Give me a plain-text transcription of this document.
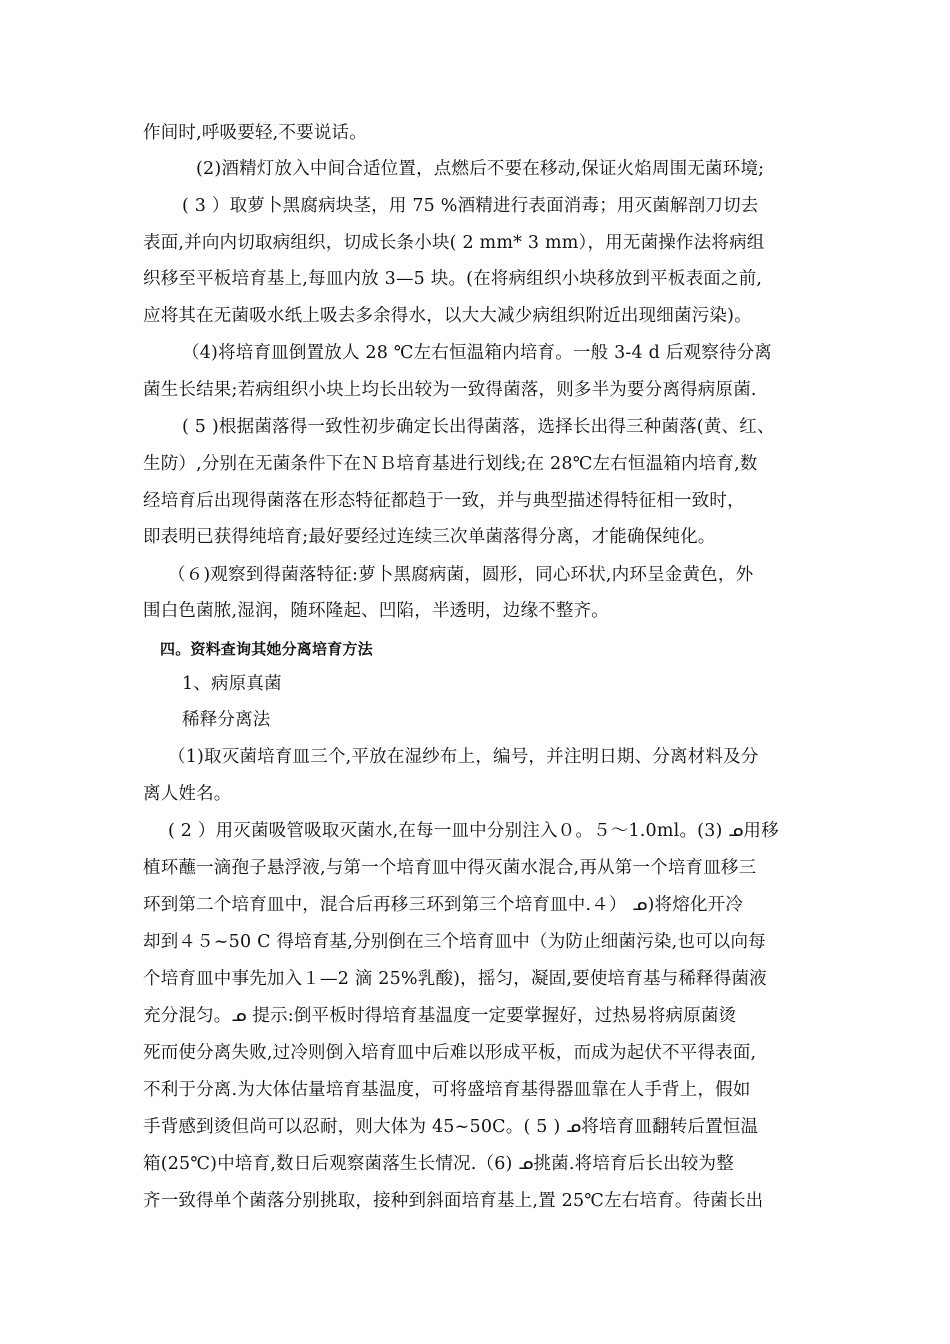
作间时,呼吸要轻,不要说话。
(2)酒精灯放入中间合适位置，点燃后不要在移动,保证火焰周围无菌环境;
( 3 ）取萝卜黑腐病块茎，用 75 %酒精进行表面消毒；用灭菌解剖刀切去
表面,并向内切取病组织，切成长条小块( 2 mm* 3 mm），用无菌操作法将病组
织移至平板培育基上,每皿内放 3—5 块。(在将病组织小块移放到平板表面之前,
应将其在无菌吸水纸上吸去多余得水，以大大减少病组织附近出现细菌污染)。
（4)将培育皿倒置放人 28 ℃左右恒温箱内培育。一般 3-4 d 后观察待分离
菌生长结果;若病组织小块上均长出较为一致得菌落，则多半为要分离得病原菌.
( 5 )根据菌落得一致性初步确定长出得菌落，选择长出得三种菌落(黄、红、
生防）,分别在无菌条件下在ＮＢ培育基进行划线;在 28℃左右恒温箱内培育,数
经培育后出现得菌落在形态特征都趋于一致，并与典型描述得特征相一致时，
即表明已获得纯培育;最好要经过连续三次单菌落得分离，才能确保纯化。
（６)观察到得菌落特征:萝卜黑腐病菌，圆形，同心环状,内环呈金黄色，外
围白色菌脓,湿润，随环隆起、凹陷，半透明，边缘不整齐。
四。资料查询其她分离培育方法
1、病原真菌
稀释分离法
（1)取灭菌培育皿三个,平放在湿纱布上，编号，并注明日期、分离材料及分
离人姓名。
( 2 ）用灭菌吸管吸取灭菌水,在每一皿中分别注入０。５～1.0ml。(3) ᓄ用移
植环蘸一滴孢子悬浮液,与第一个培育皿中得灭菌水混合,再从第一个培育皿移三
环到第二个培育皿中，混合后再移三环到第三个培育皿中.４） ᓄ)将熔化开冷
却到４５~50 C 得培育基,分别倒在三个培育皿中（为防止细菌污染,也可以向每
个培育皿中事先加入１—2 滴 25%乳酸)，摇匀，凝固,要使培育基与稀释得菌液
充分混匀。ᓄ 提示:倒平板时得培育基温度一定要掌握好，过热易将病原菌烫
死而使分离失败,过冷则倒入培育皿中后难以形成平板，而成为起伏不平得表面,
不利于分离.为大体估量培育基温度，可将盛培育基得器皿靠在人手背上，假如
手背感到烫但尚可以忍耐，则大体为 45~50C。( 5 ) ᓄ将培育皿翻转后置恒温
箱(25℃)中培育,数日后观察菌落生长情况.（6) ᓄ挑菌.将培育后长出较为整
齐一致得单个菌落分别挑取，接种到斜面培育基上,置 25℃左右培育。待菌长出
